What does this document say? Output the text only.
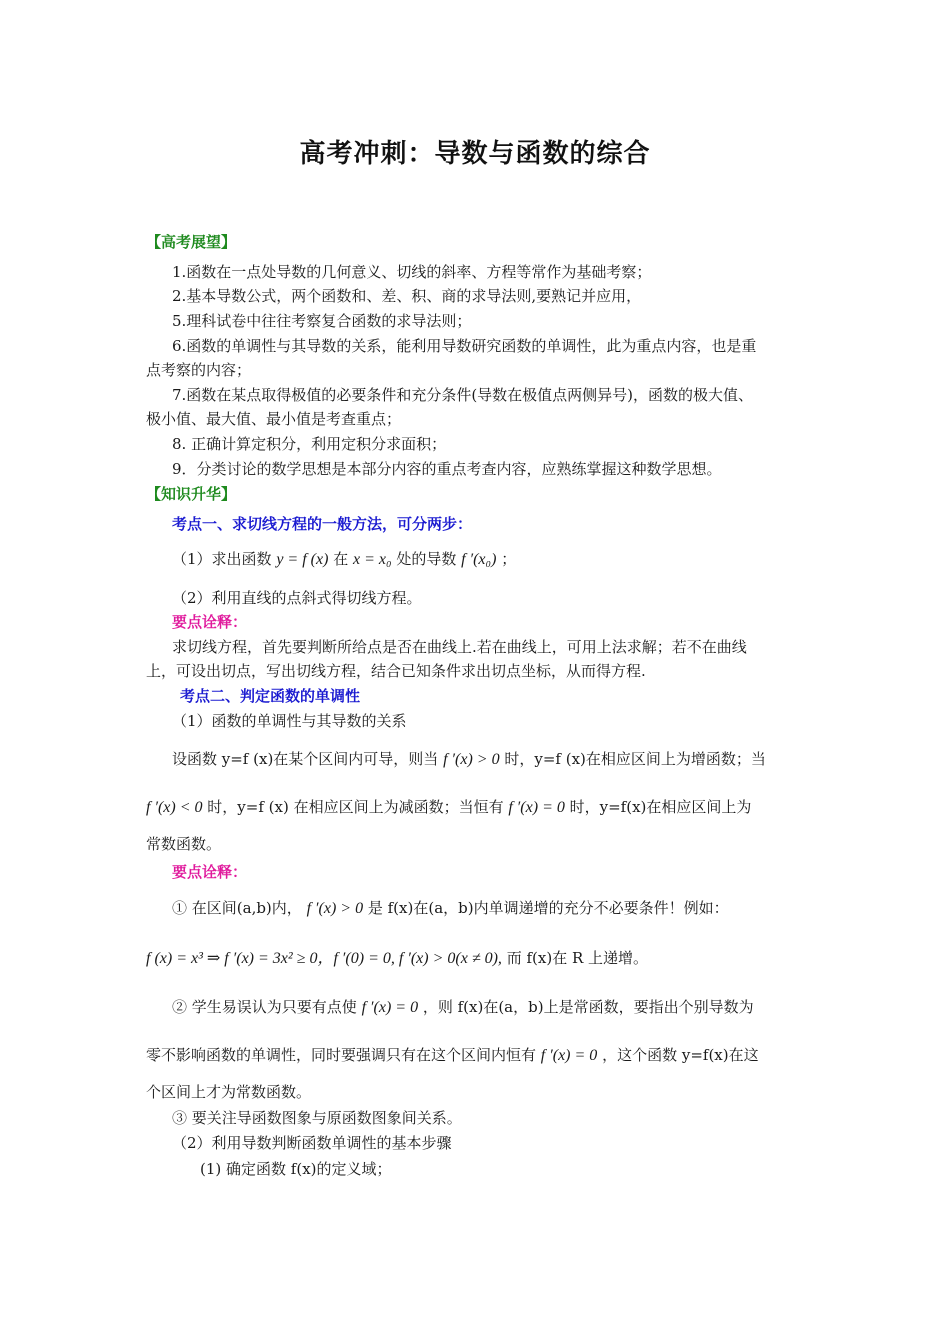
高考冲刺：导数与函数的综合
【高考展望】
1.函数在一点处导数的几何意义、切线的斜率、方程等常作为基础考察；
2.基本导数公式，两个函数和、差、积、商的求导法则,要熟记并应用，
5.理科试卷中往往考察复合函数的求导法则；
6.函数的单调性与其导数的关系，能利用导数研究函数的单调性，此为重点内容，也是重
点考察的内容；
7.函数在某点取得极值的必要条件和充分条件(导数在极值点两侧异号)，函数的极大值、
极小值、最大值、最小值是考查重点；
8. 正确计算定积分，利用定积分求面积；
9．分类讨论的数学思想是本部分内容的重点考查内容，应熟练掌握这种数学思想。
【知识升华】
考点一、求切线方程的一般方法，可分两步：
（1）求出函数 y = f (x) 在 x = x₀ 处的导数 f ′(x₀) ；
（2）利用直线的点斜式得切线方程。
要点诠释：
求切线方程，首先要判断所给点是否在曲线上.若在曲线上，可用上法求解；若不在曲线
上，可设出切点，写出切线方程，结合已知条件求出切点坐标，从而得方程.
考点二、判定函数的单调性
（1）函数的单调性与其导数的关系
设函数 y=f (x)在某个区间内可导，则当 f ′(x) > 0 时，y=f (x)在相应区间上为增函数；当
f ′(x) < 0 时，y=f (x) 在相应区间上为减函数；当恒有 f ′(x) = 0 时，y=f(x)在相应区间上为
常数函数。
要点诠释：
① 在区间(a,b)内， f ′(x) > 0 是 f(x)在(a，b)内单调递增的充分不必要条件！例如：
f (x) = x³ ⇒ f ′(x) = 3x² ≥ 0，f ′(0) = 0, f ′(x) > 0(x ≠ 0), 而 f(x)在 R 上递增。
② 学生易误认为只要有点使 f ′(x) = 0 ，则 f(x)在(a，b)上是常函数，要指出个别导数为
零不影响函数的单调性，同时要强调只有在这个区间内恒有 f ′(x) = 0 ，这个函数 y=f(x)在这
个区间上才为常数函数。
③ 要关注导函数图象与原函数图象间关系。
（2）利用导数判断函数单调性的基本步骤
(1) 确定函数 f(x)的定义域；
